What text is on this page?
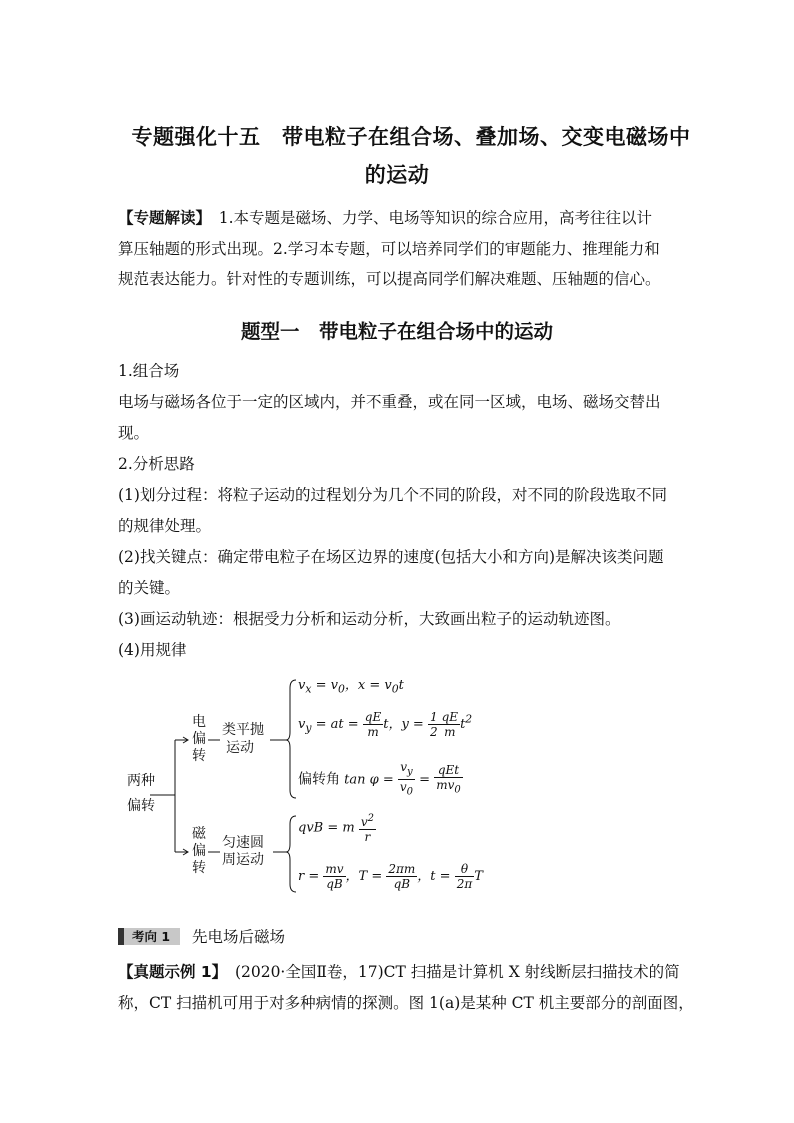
专题强化十五　带电粒子在组合场、叠加场、交变电磁场中
的运动
【专题解读】　1.本专题是磁场、力学、电场等知识的综合应用，高考往往以计
算压轴题的形式出现。2.学习本专题，可以培养同学们的审题能力、推理能力和
规范表达能力。针对性的专题训练，可以提高同学们解决难题、压轴题的信心。
题型一　带电粒子在组合场中的运动
1.组合场
电场与磁场各位于一定的区域内，并不重叠，或在同一区域，电场、磁场交替出
现。
2.分析思路
(1)划分过程：将粒子运动的过程划分为几个不同的阶段，对不同的阶段选取不同
的规律处理。
(2)找关键点：确定带电粒子在场区边界的速度(包括大小和方向)是解决该类问题
的关键。
(3)画运动轨迹：根据受力分析和运动分析，大致画出粒子的运动轨迹图。
(4)用规律
两种
偏转
电
偏
转
类平抛
运动
磁
偏
转
匀速圆
周运动
$v_x = v_0$，$x = v_0t$
$v_y$ = at = $\frac{qE}{m}$ t，$y = \frac{1}{2} \frac{qE}{m} t^2$
偏转角 $\tan \varphi = \frac{v_y}{v_0} = \frac{\text{qEt}}{mv_0}$
qvB = m $\frac{v^2}{r}$
$r = \frac{mv}{qB}$ ，$T = \frac{2\pi m}{qB}$ ，$t = \frac{\theta}{2\pi}$ T
考向 1	先电场后磁场
【真题示例 1】　(2020·全国Ⅱ卷，17)CT 扫描是计算机 X 射线断层扫描技术的简
称，CT 扫描机可用于对多种病情的探测。图 1(a)是某种 CT 机主要部分的剖面图，
